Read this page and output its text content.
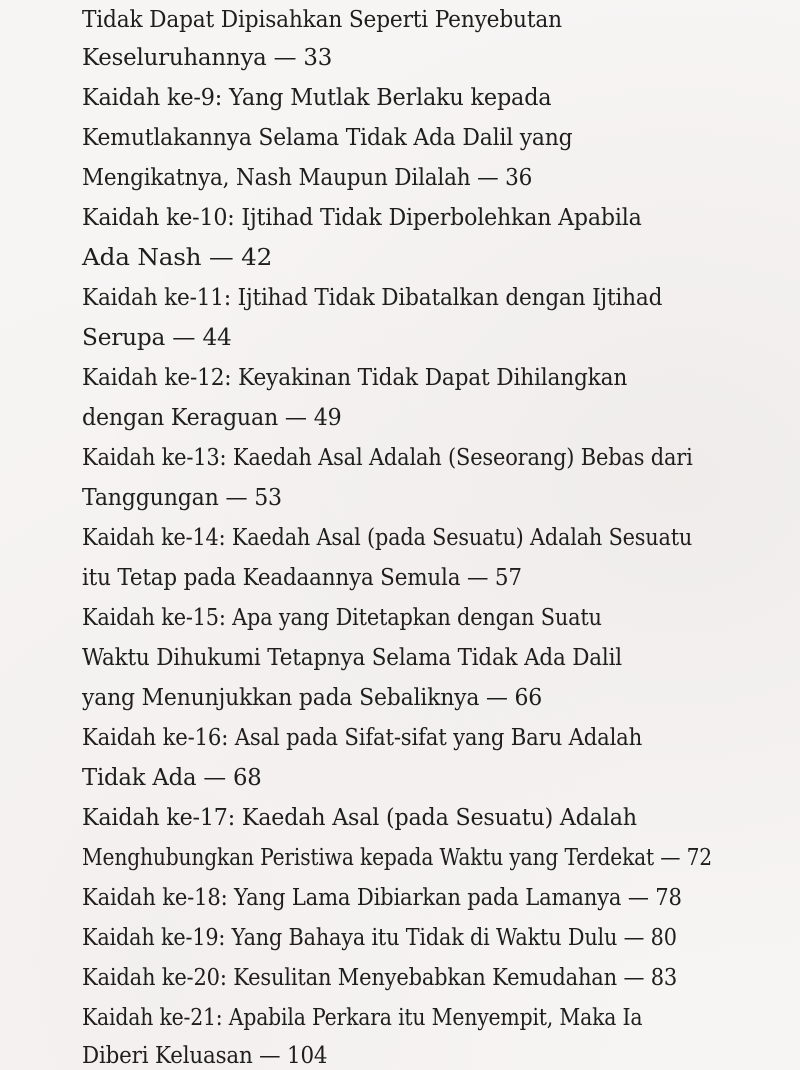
Tidak Dapat Dipisahkan Seperti Penyebutan
Keseluruhannya — 33
Kaidah ke-9: Yang Mutlak Berlaku kepada
Kemutlakannya Selama Tidak Ada Dalil yang
Mengikatnya, Nash Maupun Dilalah — 36
Kaidah ke-10: Ijtihad Tidak Diperbolehkan Apabila
Ada Nash — 42
Kaidah ke-11: Ijtihad Tidak Dibatalkan dengan Ijtihad
Serupa — 44
Kaidah ke-12: Keyakinan Tidak Dapat Dihilangkan
dengan Keraguan — 49
Kaidah ke-13: Kaedah Asal Adalah (Seseorang) Bebas dari
Tanggungan — 53
Kaidah ke-14: Kaedah Asal (pada Sesuatu) Adalah Sesuatu
itu Tetap pada Keadaannya Semula — 57
Kaidah ke-15: Apa yang Ditetapkan dengan Suatu
Waktu Dihukumi Tetapnya Selama Tidak Ada Dalil
yang Menunjukkan pada Sebaliknya — 66
Kaidah ke-16: Asal pada Sifat-sifat yang Baru Adalah
Tidak Ada — 68
Kaidah ke-17: Kaedah Asal (pada Sesuatu) Adalah
Menghubungkan Peristiwa kepada Waktu yang Terdekat — 72
Kaidah ke-18: Yang Lama Dibiarkan pada Lamanya — 78
Kaidah ke-19: Yang Bahaya itu Tidak di Waktu Dulu — 80
Kaidah ke-20: Kesulitan Menyebabkan Kemudahan — 83
Kaidah ke-21: Apabila Perkara itu Menyempit, Maka Ia
Diberi Keluasan — 104
